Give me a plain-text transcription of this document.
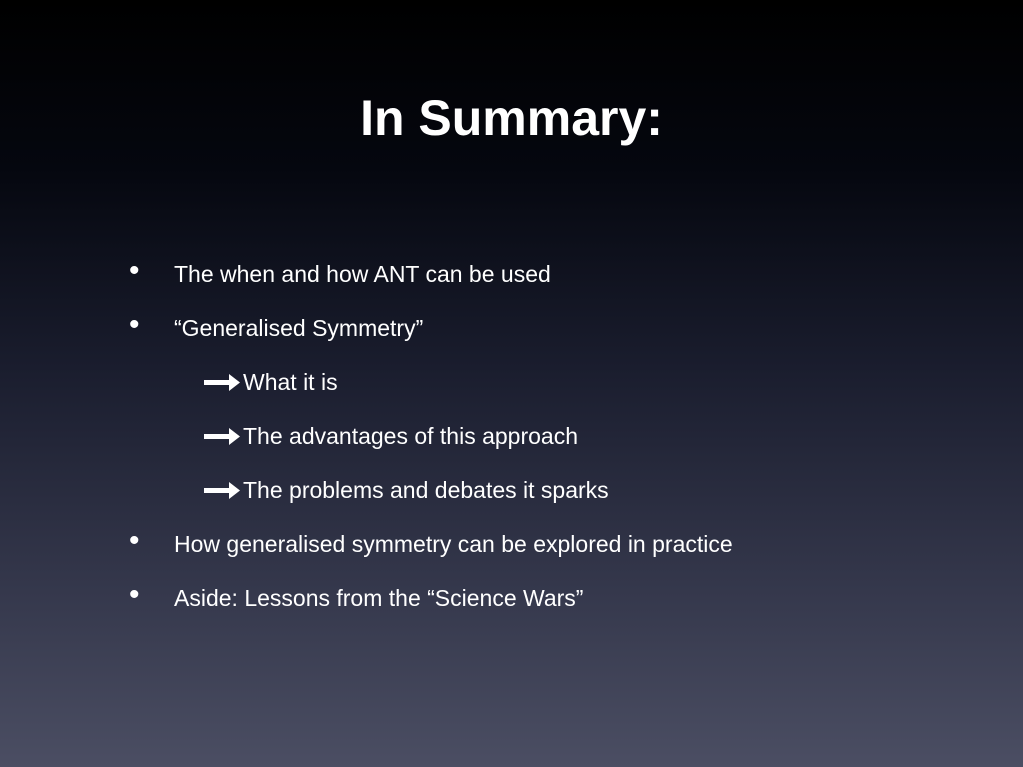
In Summary:
• The when and how ANT can be used
• “Generalised Symmetry”
What it is
The advantages of this approach
The problems and debates it sparks
• How generalised symmetry can be explored in practice
• Aside: Lessons from the “Science Wars”
